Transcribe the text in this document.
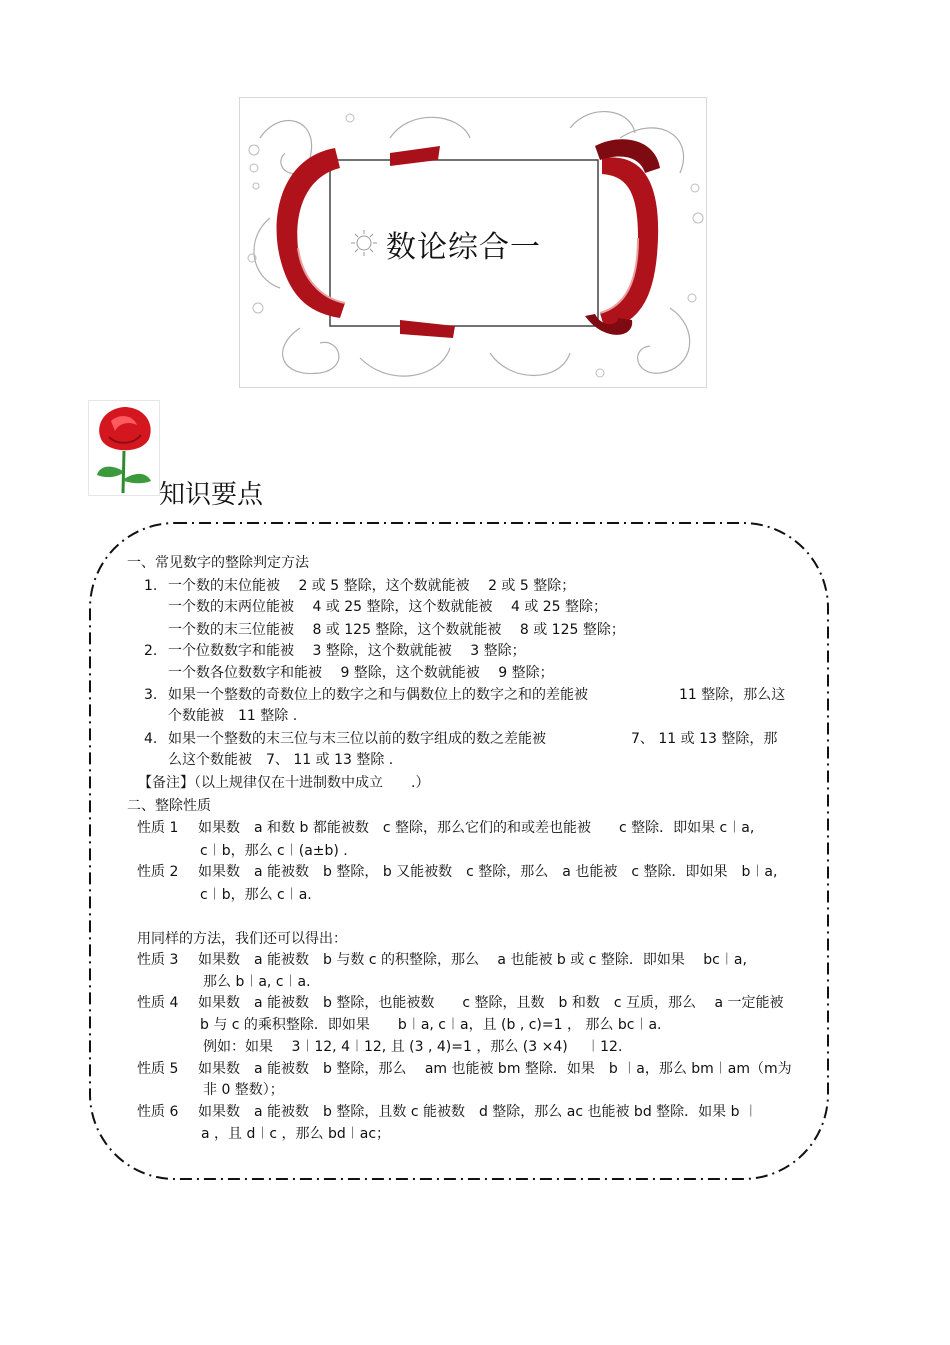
数论综合一
知识要点
一、常见数字的整除判定方法
1. 一个数的末位能被　 2 或 5 整除，这个数就能被　 2 或 5 整除；
一个数的末两位能被　 4 或 25 整除，这个数就能被　 4 或 25 整除；
一个数的末三位能被　 8 或 125 整除，这个数就能被　 8 或 125 整除；
2. 一个位数数字和能被　 3 整除，这个数就能被　 3 整除；
一个数各位数数字和能被　 9 整除，这个数就能被　 9 整除；
3. 如果一个整数的奇数位上的数字之和与偶数位上的数字之和的差能被	11 整除，那么这
个数能被　11 整除 .
4. 如果一个整数的末三位与末三位以前的数字组成的数之差能被	7、 11 或 13 整除，那
么这个数能被　7、 11 或 13 整除 .
【备注】（以上规律仅在十进制数中成立　　.）
二、整除性质
性质 1 如果数　a 和数 b 都能被数　c 整除，那么它们的和或差也能被　　c 整除．即如果 c︱a,
c︱b，那么 c︱(a±b) .
性质 2 如果数　a 能被数　b 整除， b 又能被数　c 整除，那么　a 也能被　c 整除．即如果　b︱a,
c︱b，那么 c︱a.
用同样的方法，我们还可以得出：
性质 3 如果数　a 能被数　b 与数 c 的积整除，那么　 a 也能被 b 或 c 整除．即如果　 bc︱a,
那么 b︱a, c︱a.
性质 4 如果数　a 能被数　b 整除，也能被数　　c 整除，且数　b 和数　c 互质，那么　 a 一定能被
b 与 c 的乘积整除．即如果　　b︱a, c︱a，且 (b , c)=1 ， 那么 bc︱a.
例如：如果　 3︱12, 4︱12, 且 (3 , 4)=1 ，那么 (3 ×4)　 ︱12.
性质 5 如果数　a 能被数　b 整除，那么　 am 也能被 bm 整除．如果　b ︱a，那么 bm︱am（m为
非 0 整数）；
性质 6 如果数　a 能被数　b 整除，且数 c 能被数　d 整除，那么 ac 也能被 bd 整除．如果 b ︱
a ，且 d︱c ，那么 bd︱ac；
